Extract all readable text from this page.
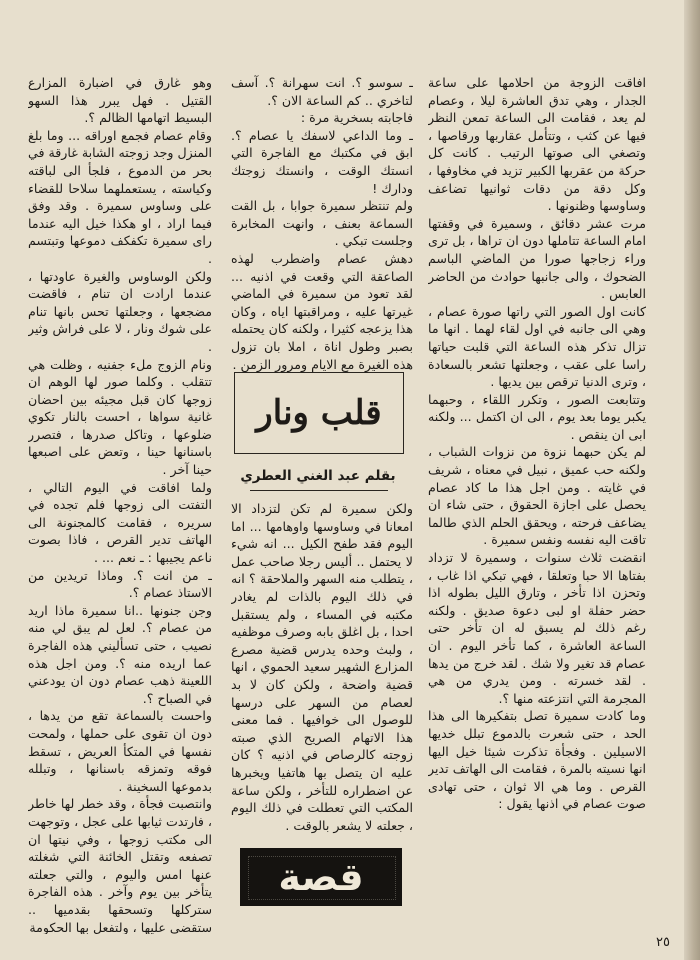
افاقت الزوجة من احلامها على ساعة الجدار ، وهي تدق العاشرة ليلا ، وعصام لم يعد ، فقامت الى الساعة تمعن النظر فيها عن كثب ، وتتأمل عقاربها ورقاصها ، وتصغي الى صوتها الرتيب . كانت كل حركة من عقربها الكبير تزيد في مخاوفها ، وكل دقة من دقات ثوانيها تضاعف وساوسها وظنونها .

مرت عشر دقائق ، وسميرة في وقفتها امام الساعة تتاملها دون ان تراها ، بل ترى وراء زجاجها صورا من الماضي الباسم الضحوك ، والى جانبها حوادث من الحاضر العابس .

كانت اول الصور التي راتها صورة عصام ، وهي الى جانبه في اول لقاء لهما . انها ما تزال تذكر هذه الساعة التي قلبت حياتها راسا على عقب ، وجعلتها تشعر بالسعادة ، وترى الدنيا ترقص بين يديها .

وتتابعت الصور ، وتكرر اللقاء ، وحبهما يكبر يوما بعد يوم ، الى ان اكتمل ... ولكنه ابى ان ينقص .

لم يكن حبهما نزوة من نزوات الشباب ، ولكنه حب عميق ، نبيل في معناه ، شريف في غايته . ومن اجل هذا ما كاد عصام يحصل على اجازة الحقوق ، حتى شاء ان يضاعف فرحته ، ويحقق الحلم الذي طالما تاقت اليه نفسه ونفس سميرة .

انقضت ثلاث سنوات ، وسميرة لا تزداد بفتاها الا حبا وتعلقا ، فهي تبكي اذا غاب ، وتحزن اذا تأخر ، وتارق الليل بطوله اذا حضر حفلة او لبى دعوة صديق . ولكنه رغم ذلك لم يسبق له ان تأخر حتى الساعة العاشرة ، كما تأخر اليوم . ان عصام قد تغير ولا شك . لقد خرج من يدها . لقد خسرته . ومن يدري من هي المجرمة التي انتزعته منها ؟.

وما كادت سميرة تصل بتفكيرها الى هذا الحد ، حتى شعرت بالدموع تبلل خديها الاسيلين . وفجأة تذكرت شيئا خيل اليها انها نسيته بالمرة ، فقامت الى الهاتف تدير القرص . وما هي الا ثوان ، حتى تهادى صوت عصام في اذنها يقول :

ـ سوسو ؟. انت سهرانة ؟. آسف لتاخري .. كم الساعة الان ؟.

فاجابته بسخرية مرة :

ـ وما الداعي لاسفك يا عصام ؟. ابق في مكتبك مع الفاجرة التي انستك الوقت ، وانستك زوجتك ودارك !

ولم تنتظر سميرة جوابا ، بل القت السماعة بعنف ، وانهت المخابرة وجلست تبكي .

دهش عصام واضطرب لهذه الصاعقة التي وقعت في اذنيه ... لقد تعود من سميرة في الماضي غيرتها عليه ، ومراقبتها اياه ، وكان هذا يزعجه كثيرا ، ولكنه كان يحتمله بصبر وطول اناة ، املا بان تزول هذه الغيرة مع الايام ومرور الزمن .

قلب ونار
بقلم عبد الغني العطري

ولكن سميرة لم تكن لتزداد الا امعانا في وساوسها واوهامها ... اما اليوم فقد طفح الكيل ... انه شيء لا يحتمل .. أليس رجلا صاحب عمل ، يتطلب منه السهر والملاحقة ؟ انه في ذلك اليوم بالذات لم يغادر مكتبه في المساء ، ولم يستقبل احدا ، بل اغلق بابه وصرف موظفيه ، ولبث وحده يدرس قضية مصرع المزارع الشهير سعيد الحموي ، انها قضية واضحة ، ولكن كان لا بد لعصام من السهر على درسها للوصول الى خوافيها . فما معنى هذا الاتهام الصريح الذي صبته زوجته كالرصاص في اذنيه ؟ كان عليه ان يتصل بها هاتفيا ويخبرها عن اضطراره للتأخر ، ولكن ساعة المكتب التي تعطلت في ذلك اليوم ، جعلته لا يشعر بالوقت .

قصة

وهو غارق في اضبارة المزارع القتيل . فهل يبرر هذا السهو البسيط اتهامها الظالم ؟.

وقام عصام فجمع اوراقه ... وما بلغ المنزل وجد زوجته الشابة غارقة في بحر من الدموع ، فلجأ الى لباقته وكياسته ، يستعملهما سلاحا للقضاء على وساوس سميرة . وقد وفق فيما اراد ، او هكذا خيل اليه عندما راى سميرة تكفكف دموعها وتبتسم .

ولكن الوساوس والغيرة عاودتها ، عندما ارادت ان تنام ، فاقضت مضجعها ، وجعلتها تحس بانها تنام على شوك ونار ، لا على فراش وثير .

ونام الزوج ملء جفنيه ، وظلت هي تتقلب . وكلما صور لها الوهم ان زوجها كان قبل مجيئه بين احضان غانية سواها ، احست بالنار تكوي ضلوعها ، وتاكل صدرها ، فتصرر باسنانها حينا ، وتعض على اصبعها حينا آخر .

ولما افاقت في اليوم التالي ، التفتت الى زوجها فلم تجده في سريره ، فقامت كالمجنونة الى الهاتف تدير القرص ، فاذا بصوت ناعم يجيبها : ـ نعم ... .

ـ من انت ؟. وماذا تريدين من الاستاذ عصام ؟.

وجن جنونها ..انا سميرة ماذا اريد من عصام ؟. لعل لم يبق لي منه نصيب ، حتى تسأليني هذه الفاجرة عما اريده منه ؟. ومن اجل هذه اللعينة ذهب عصام دون ان يودعني في الصباح ؟.

واحست بالسماعة تقع من يدها ، دون ان تقوى على حملها ، ولمحت نفسها في المتكأ العريض ، تسقط فوقه وتمزقه باسنانها ، وتبلله بدموعها السخينة .

وانتصبت فجأة ، وقد خطر لها خاطر ، فارتدت ثيابها على عجل ، وتوجهت الى مكتب زوجها ، وفي نيتها ان تصفعه وتقتل الخائنة التي شغلته عنها امس واليوم ، والتي جعلته يتأخر بين يوم وآخر . هذه الفاجرة ستركلها وتسحقها بقدميها .. ستقضي عليها ، ولتفعل بها الحكومة

٢٥
